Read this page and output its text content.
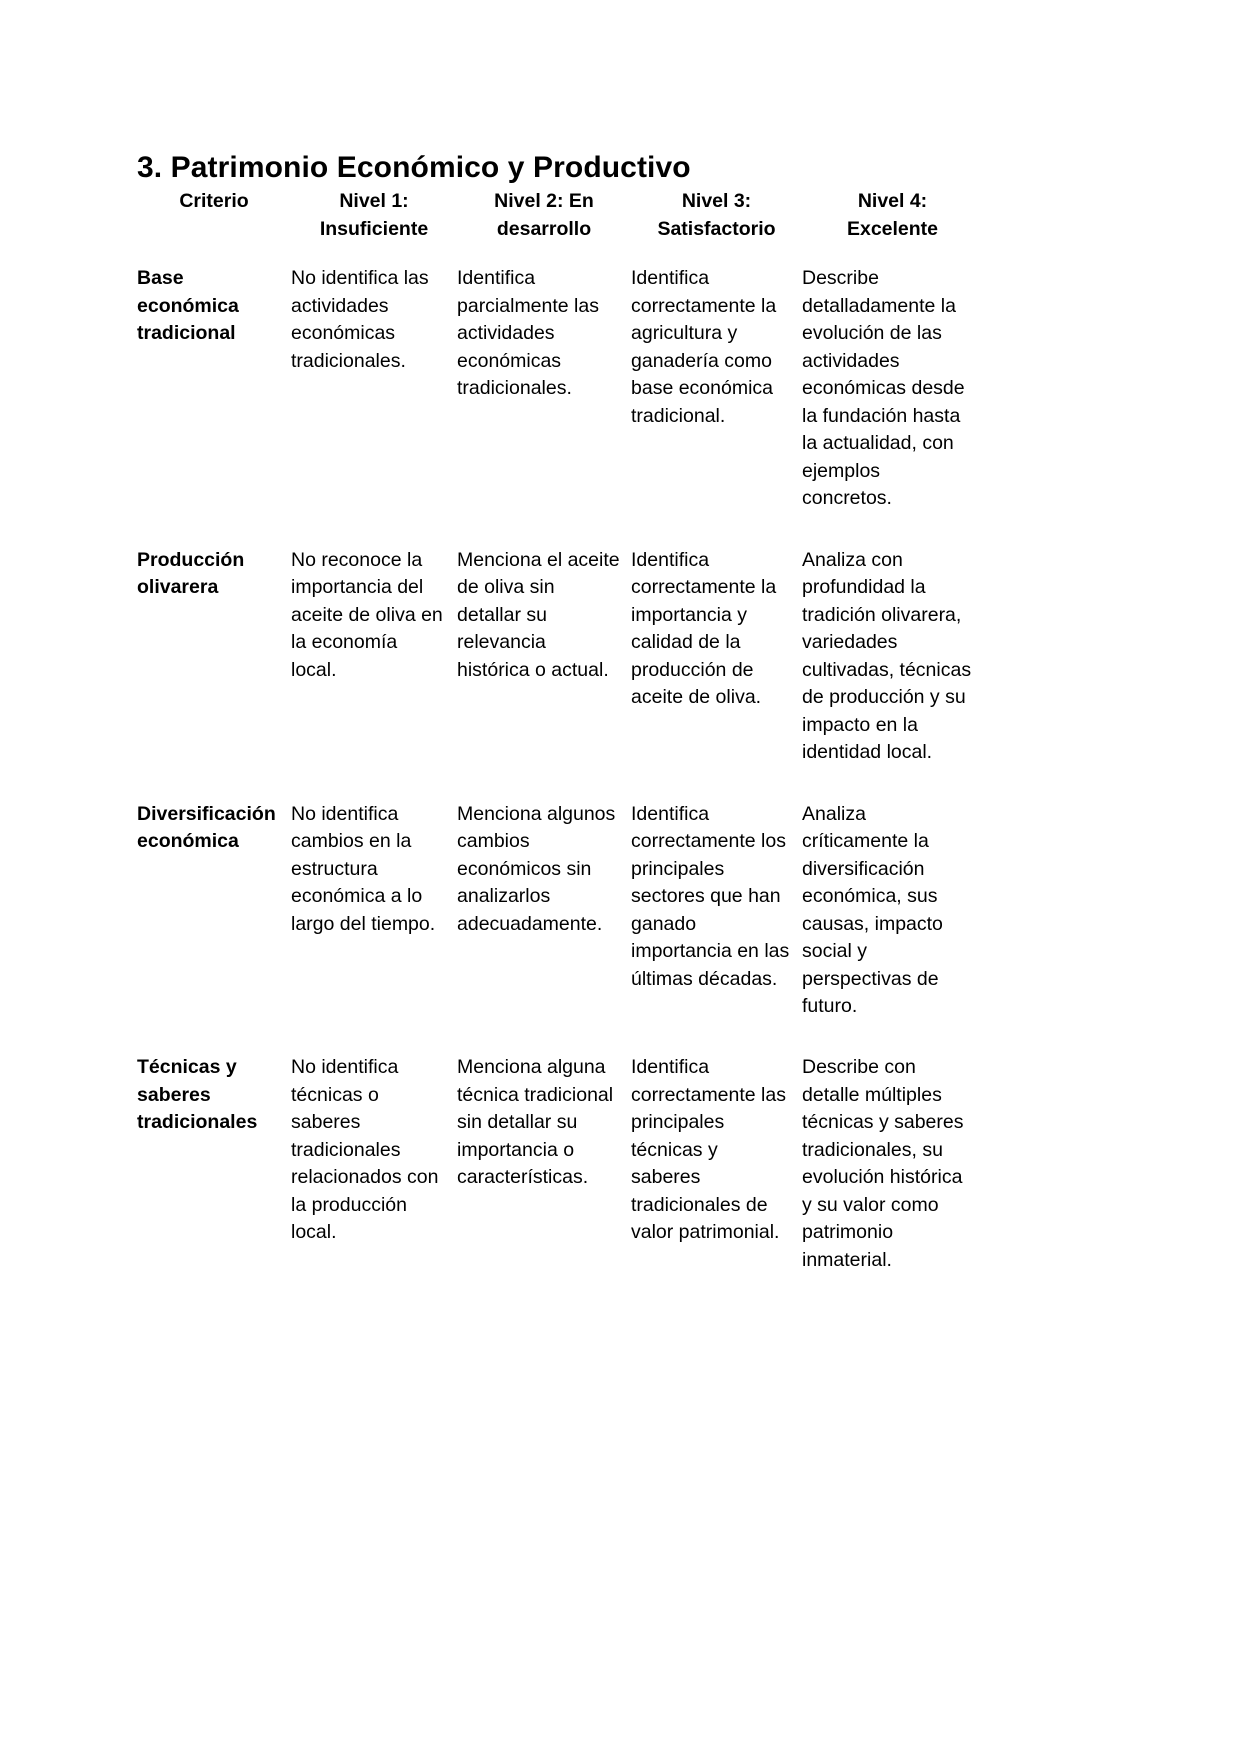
3. Patrimonio Económico y Productivo
Criterio	Nivel 1: Insuficiente	Nivel 2: En desarrollo	Nivel 3: Satisfactorio	Nivel 4: Excelente

Base económica tradicional	No identifica las actividades económicas tradicionales.	Identifica parcialmente las actividades económicas tradicionales.	Identifica correctamente la agricultura y ganadería como base económica tradicional.	Describe detalladamente la evolución de las actividades económicas desde la fundación hasta la actualidad, con ejemplos concretos.

Producción olivarera	No reconoce la importancia del aceite de oliva en la economía local.	Menciona el aceite de oliva sin detallar su relevancia histórica o actual.	Identifica correctamente la importancia y calidad de la producción de aceite de oliva.	Analiza con profundidad la tradición olivarera, variedades cultivadas, técnicas de producción y su impacto en la identidad local.

Diversificación económica	No identifica cambios en la estructura económica a lo largo del tiempo.	Menciona algunos cambios económicos sin analizarlos adecuadamente.	Identifica correctamente los principales sectores que han ganado importancia en las últimas décadas.	Analiza críticamente la diversificación económica, sus causas, impacto social y perspectivas de futuro.

Técnicas y saberes tradicionales	No identifica técnicas o saberes tradicionales relacionados con la producción local.	Menciona alguna técnica tradicional sin detallar su importancia o características.	Identifica correctamente las principales técnicas y saberes tradicionales de valor patrimonial.	Describe con detalle múltiples técnicas y saberes tradicionales, su evolución histórica y su valor como patrimonio inmaterial.
